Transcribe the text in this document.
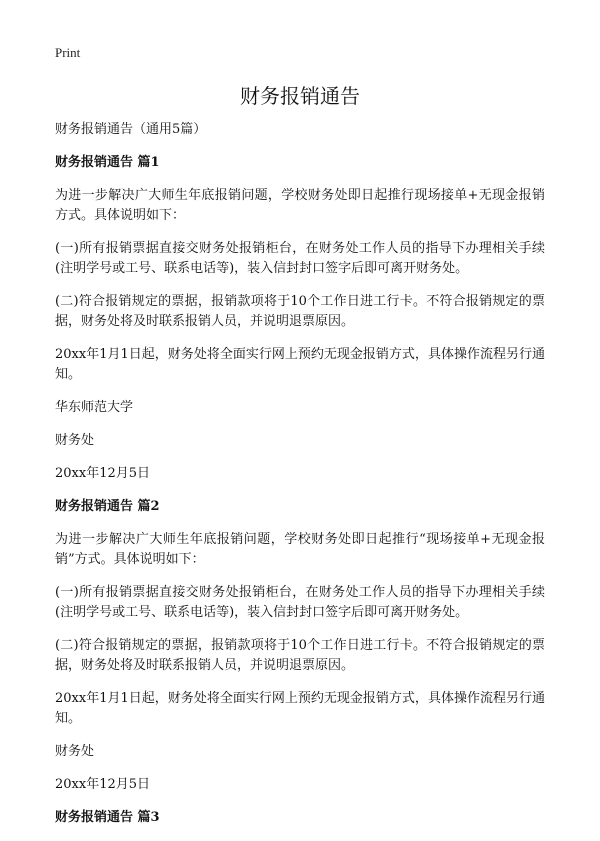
Print
财务报销通告

财务报销通告（通用5篇）

财务报销通告 篇1

为进一步解决广大师生年底报销问题，学校财务处即日起推行现场接单+无现金报销方式。具体说明如下：

(一)所有报销票据直接交财务处报销柜台，在财务处工作人员的指导下办理相关手续(注明学号或工号、联系电话等)，装入信封封口签字后即可离开财务处。

(二)符合报销规定的票据，报销款项将于10个工作日进工行卡。不符合报销规定的票据，财务处将及时联系报销人员，并说明退票原因。

20xx年1月1日起，财务处将全面实行网上预约无现金报销方式，具体操作流程另行通知。

华东师范大学

财务处

20xx年12月5日

财务报销通告 篇2

为进一步解决广大师生年底报销问题，学校财务处即日起推行“现场接单+无现金报销”方式。具体说明如下：

(一)所有报销票据直接交财务处报销柜台，在财务处工作人员的指导下办理相关手续(注明学号或工号、联系电话等)，装入信封封口签字后即可离开财务处。

(二)符合报销规定的票据，报销款项将于10个工作日进工行卡。不符合报销规定的票据，财务处将及时联系报销人员，并说明退票原因。

20xx年1月1日起，财务处将全面实行网上预约无现金报销方式，具体操作流程另行通知。

财务处

20xx年12月5日

财务报销通告 篇3
